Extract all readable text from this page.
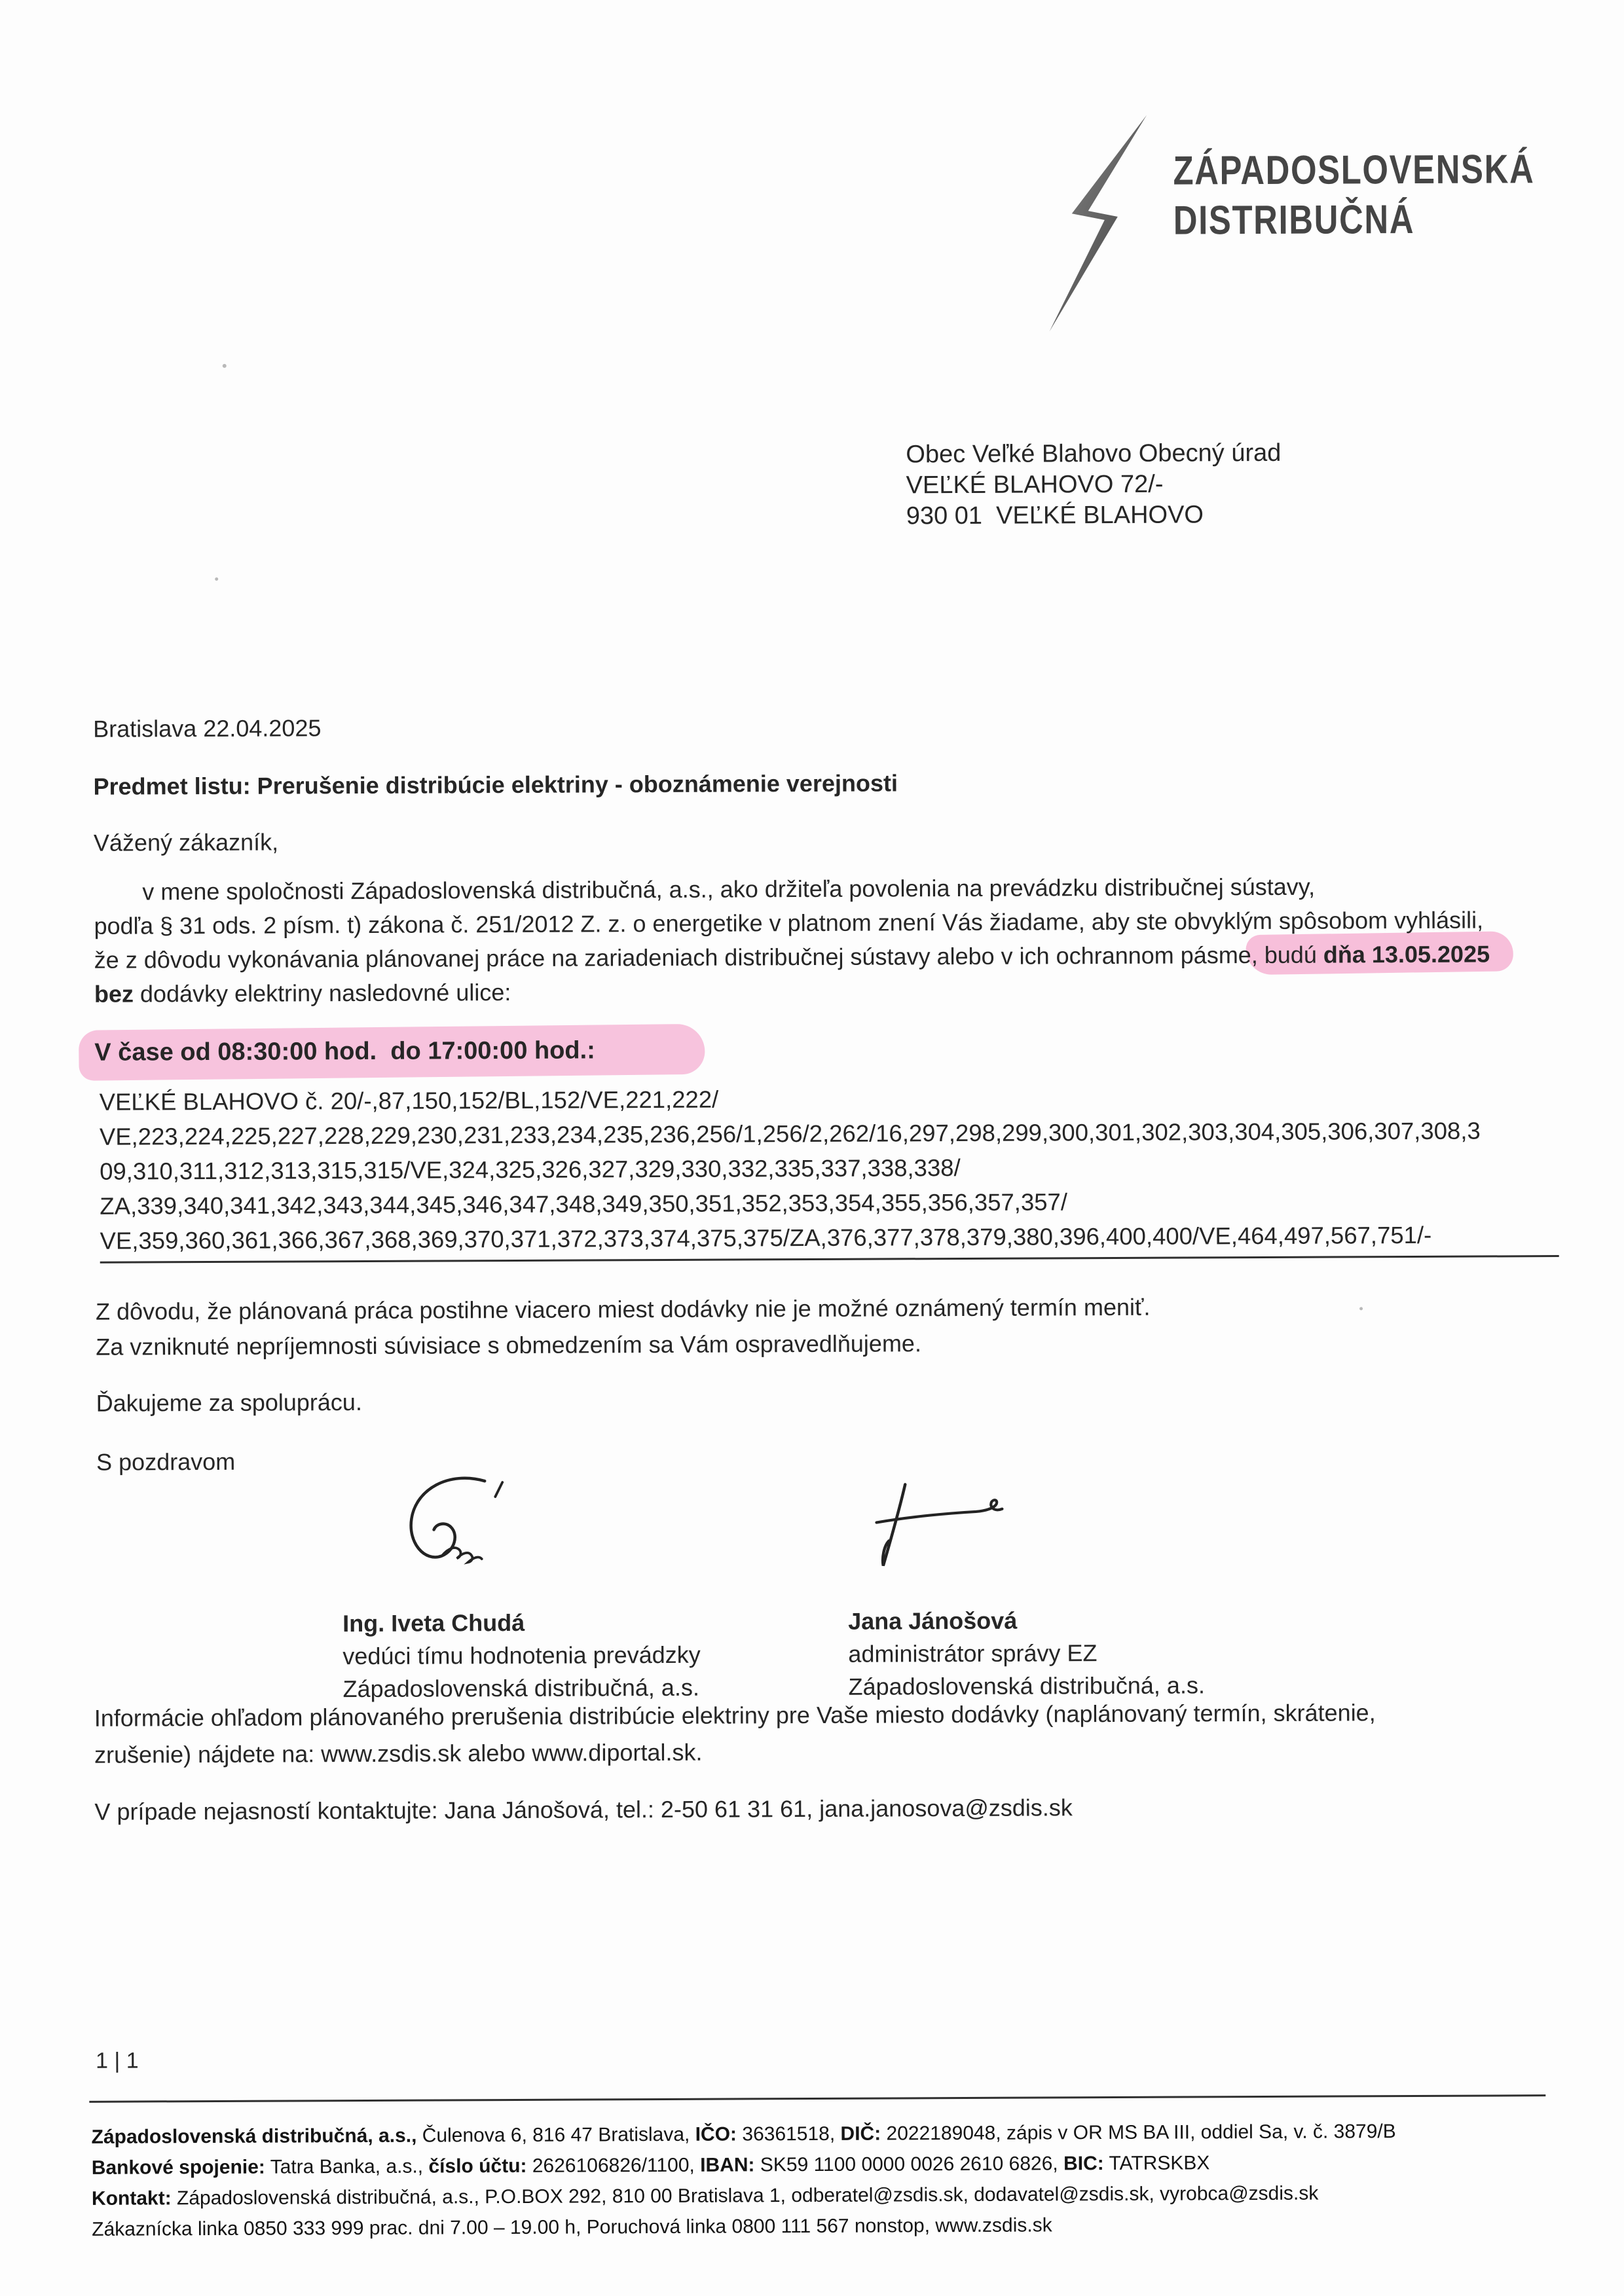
ZÁPADOSLOVENSKÁ
DISTRIBUČNÁ
Obec Veľké Blahovo Obecný úrad
VEĽKÉ BLAHOVO 72/-
930 01  VEĽKÉ BLAHOVO
Bratislava 22.04.2025
Predmet listu: Prerušenie distribúcie elektriny - oboznámenie verejnosti
Vážený zákazník,
v mene spoločnosti Západoslovenská distribučná, a.s., ako držiteľa povolenia na prevádzku distribučnej sústavy,
podľa § 31 ods. 2 písm. t) zákona č. 251/2012 Z. z. o energetike v platnom znení Vás žiadame, aby ste obvyklým spôsobom vyhlásili,
že z dôvodu vykonávania plánovanej práce na zariadeniach distribučnej sústavy alebo v ich ochrannom pásme, budú dňa 13.05.2025
bez dodávky elektriny nasledovné ulice:
V čase od 08:30:00 hod.  do 17:00:00 hod.:
VEĽKÉ BLAHOVO č. 20/-,87,150,152/BL,152/VE,221,222/
VE,223,224,225,227,228,229,230,231,233,234,235,236,256/1,256/2,262/16,297,298,299,300,301,302,303,304,305,306,307,308,3
09,310,311,312,313,315,315/VE,324,325,326,327,329,330,332,335,337,338,338/
ZA,339,340,341,342,343,344,345,346,347,348,349,350,351,352,353,354,355,356,357,357/
VE,359,360,361,366,367,368,369,370,371,372,373,374,375,375/ZA,376,377,378,379,380,396,400,400/VE,464,497,567,751/-
Z dôvodu, že plánovaná práca postihne viacero miest dodávky nie je možné oznámený termín meniť.
Za vzniknuté nepríjemnosti súvisiace s obmedzením sa Vám ospravedlňujeme.
Ďakujeme za spoluprácu.
S pozdravom
Ing. Iveta Chudá
vedúci tímu hodnotenia prevádzky
Západoslovenská distribučná, a.s.
Jana Jánošová
administrátor správy EZ
Západoslovenská distribučná, a.s.
Informácie ohľadom plánovaného prerušenia distribúcie elektriny pre Vaše miesto dodávky (naplánovaný termín, skrátenie,
zrušenie) nájdete na: www.zsdis.sk alebo www.diportal.sk.
V prípade nejasností kontaktujte: Jana Jánošová, tel.: 2-50 61 31 61, jana.janosova@zsdis.sk
1 | 1
Západoslovenská distribučná, a.s., Čulenova 6, 816 47 Bratislava, IČO: 36361518, DIČ: 2022189048, zápis v OR MS BA III, oddiel Sa, v. č. 3879/B
Bankové spojenie: Tatra Banka, a.s., číslo účtu: 2626106826/1100, IBAN: SK59 1100 0000 0026 2610 6826, BIC: TATRSKBX
Kontakt: Západoslovenská distribučná, a.s., P.O.BOX 292, 810 00 Bratislava 1, odberatel@zsdis.sk, dodavatel@zsdis.sk, vyrobca@zsdis.sk
Zákaznícka linka 0850 333 999 prac. dni 7.00 – 19.00 h, Poruchová linka 0800 111 567 nonstop, www.zsdis.sk
